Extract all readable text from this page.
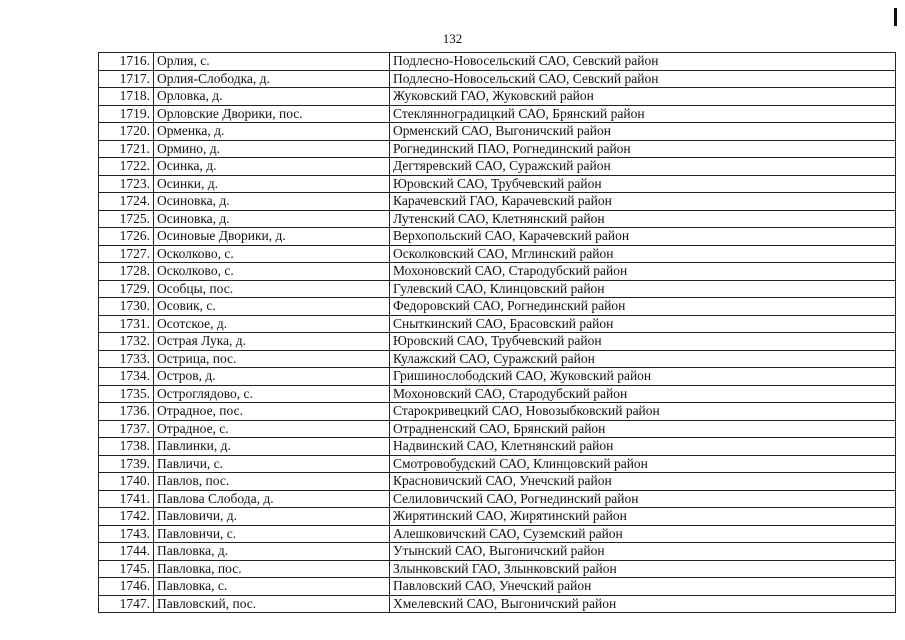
132
1716.	Орлия, с.	Подлесно-Новосельский САО, Севский район
1717.	Орлия-Слободка, д.	Подлесно-Новосельский САО, Севский район
1718.	Орловка, д.	Жуковский ГАО, Жуковский район
1719.	Орловские Дворики, пос.	Стеклянноградицкий САО, Брянский район
1720.	Орменка, д.	Орменский САО, Выгоничский район
1721.	Ормино, д.	Рогнединский ПАО, Рогнединский район
1722.	Осинка, д.	Дегтяревский САО, Суражский район
1723.	Осинки, д.	Юровский САО, Трубчевский район
1724.	Осиновка, д.	Карачевский ГАО, Карачевский район
1725.	Осиновка, д.	Лутенский САО, Клетнянский район
1726.	Осиновые Дворики, д.	Верхопольский САО, Карачевский район
1727.	Осколково, с.	Осколковский САО, Мглинский район
1728.	Осколково, с.	Мохоновский САО, Стародубский район
1729.	Особцы, пос.	Гулевский САО, Клинцовский район
1730.	Осовик, с.	Федоровский САО, Рогнединский район
1731.	Осотское, д.	Сныткинский САО, Брасовский район
1732.	Острая Лука, д.	Юровский САО, Трубчевский район
1733.	Острица, пос.	Кулажский САО, Суражский район
1734.	Остров, д.	Гришинослободский САО, Жуковский район
1735.	Остроглядово, с.	Мохоновский САО, Стародубский район
1736.	Отрадное, пос.	Старокривецкий САО, Новозыбковский район
1737.	Отрадное, с.	Отрадненский САО, Брянский район
1738.	Павлинки, д.	Надвинский САО, Клетнянский район
1739.	Павличи, с.	Смотровобудский САО, Клинцовский район
1740.	Павлов, пос.	Красновичский САО, Унечский район
1741.	Павлова Слобода, д.	Селиловичский САО, Рогнединский район
1742.	Павловичи, д.	Жирятинский САО, Жирятинский район
1743.	Павловичи, с.	Алешковичский САО, Суземский район
1744.	Павловка, д.	Утынский САО, Выгоничский район
1745.	Павловка, пос.	Злынковский ГАО, Злынковский район
1746.	Павловка, с.	Павловский САО, Унечский район
1747.	Павловский, пос.	Хмелевский САО, Выгоничский район
